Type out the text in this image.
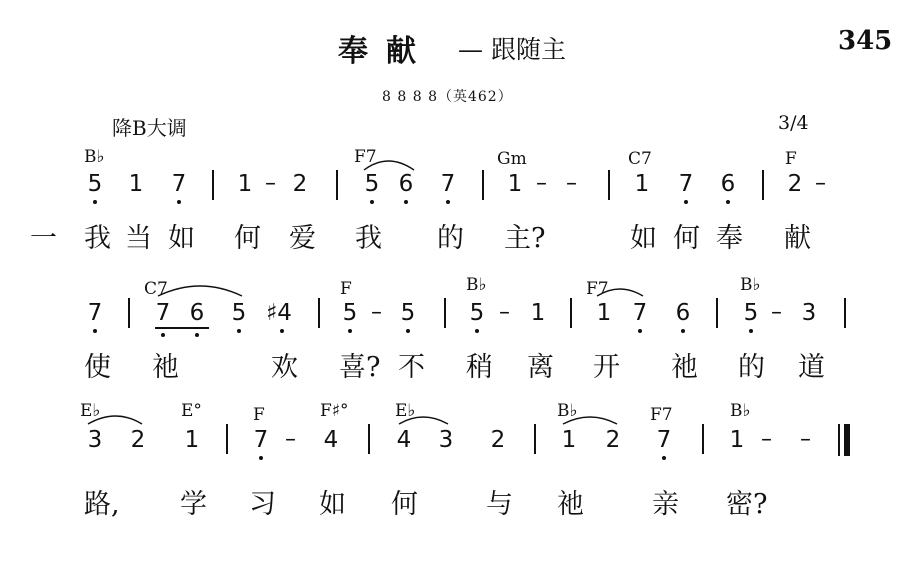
奉献 — 跟随主	345
8 8 8 8（英462）
降B大调	3/4
B♭	F7	Gm	C7	F
5 1 7 1 – 2 5 6 7 1 – –	1 7 6 2 –
一 我 当 如 何 爱 我 的 主?	如 何 奉 献
C7	F	B♭	F7	B♭
7 7 6 5 ♯4 5 – 5 5 – 1 1 7 6 5 – 3
使 祂	欢 喜? 不 稍 离 开 祂 的 道
E♭	E°	F	F♯°	E♭	B♭	F7	B♭
3 2 1 7 – 4	4 3 2 1 2 7	1 – –
路, 学 习 如 何	与 祂	亲 密?
